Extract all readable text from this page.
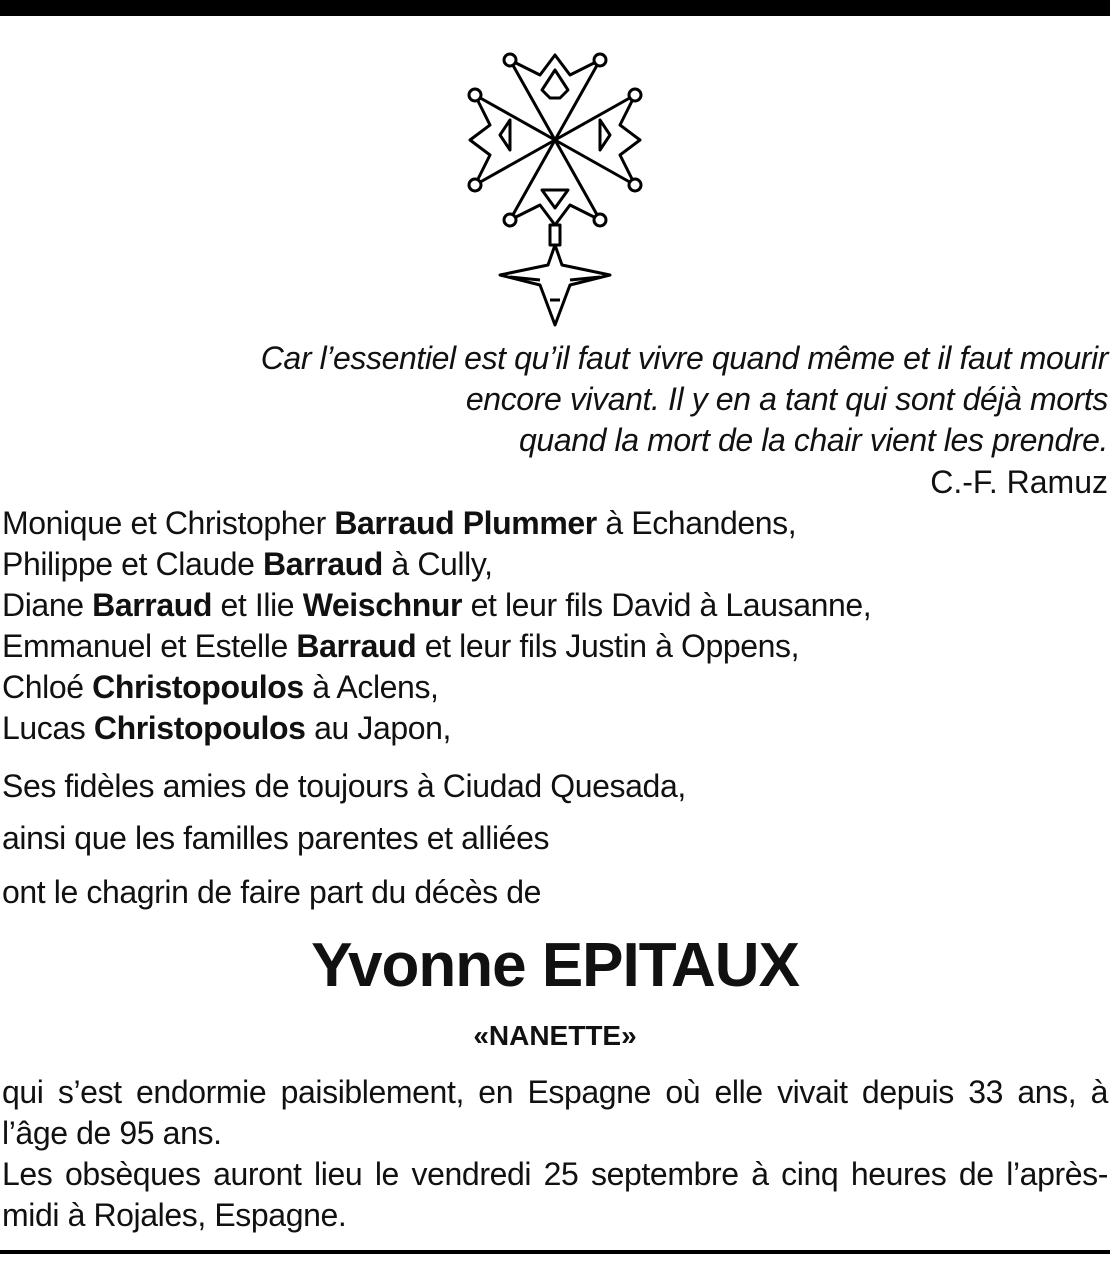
Car l’essentiel est qu’il faut vivre quand même et il faut mourir
encore vivant. Il y en a tant qui sont déjà morts
quand la mort de la chair vient les prendre.
C.-F. Ramuz
Monique et Christopher Barraud Plummer à Echandens,
Philippe et Claude Barraud à Cully,
Diane Barraud et Ilie Weischnur et leur fils David à Lausanne,
Emmanuel et Estelle Barraud et leur fils Justin à Oppens,
Chloé Christopoulos à Aclens,
Lucas Christopoulos au Japon,
Ses fidèles amies de toujours à Ciudad Quesada,
ainsi que les familles parentes et alliées
ont le chagrin de faire part du décès de
Yvonne EPITAUX
«NANETTE»
qui s’est endormie paisiblement, en Espagne où elle vivait depuis 33 ans, à l’âge de 95 ans.
Les obsèques auront lieu le vendredi 25 septembre à cinq heures de l’après-midi à Rojales, Espagne.
